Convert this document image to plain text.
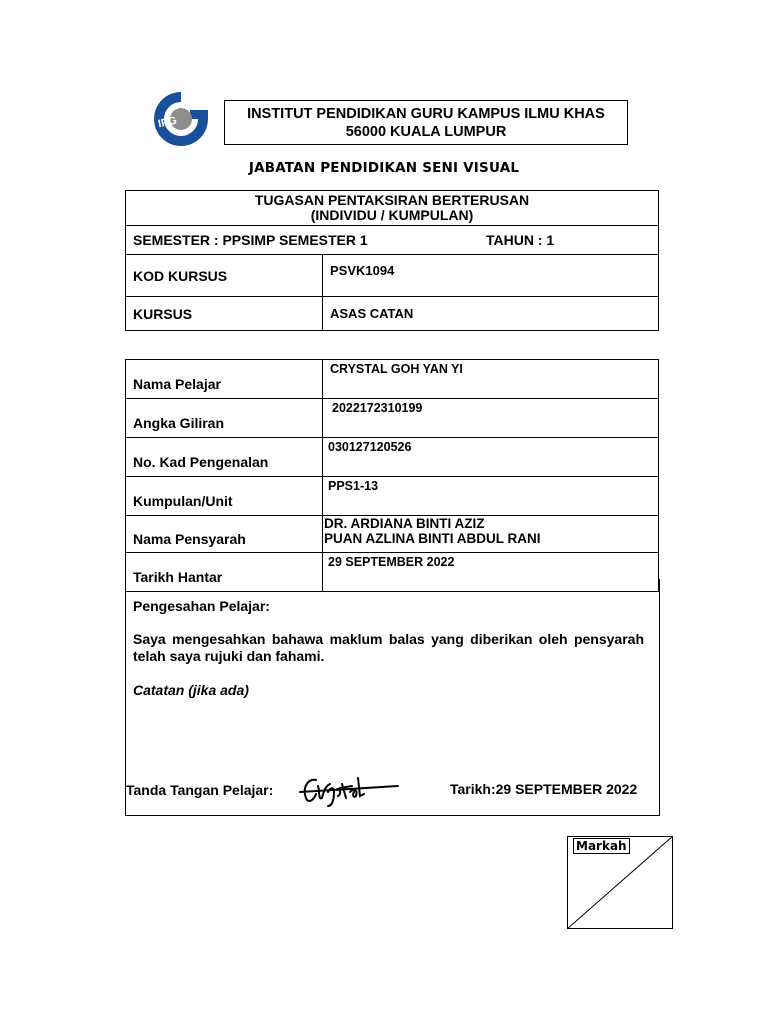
IPG
INSTITUT PENDIDIKAN GURU KAMPUS ILMU KHAS
56000 KUALA LUMPUR
JABATAN PENDIDIKAN SENI VISUAL
TUGASAN PENTAKSIRAN BERTERUSAN
(INDIVIDU / KUMPULAN)	

SEMESTER : PPSIMP SEMESTER 1 TAHUN : 1	

KOD KURSUS	PSVK1094
KURSUS	ASAS CATAN
Nama Pelajar	CRYSTAL GOH YAN YI

Angka Giliran	2022172310199

No. Kad Pengenalan	030127120526

Kumpulan/Unit	PPS1-13

Nama Pensyarah	DR. ARDIANA BINTI AZIZ
PUAN AZLINA BINTI ABDUL RANI

Tarikh Hantar	29 SEPTEMBER 2022
Pengesahan Pelajar:
Saya mengesahkan bahawa maklum balas yang diberikan oleh pensyarah telah saya rujuki dan fahami.
Catatan (jika ada)
Tanda Tangan Pelajar:	Tarikh:29 SEPTEMBER 2022
Markah
